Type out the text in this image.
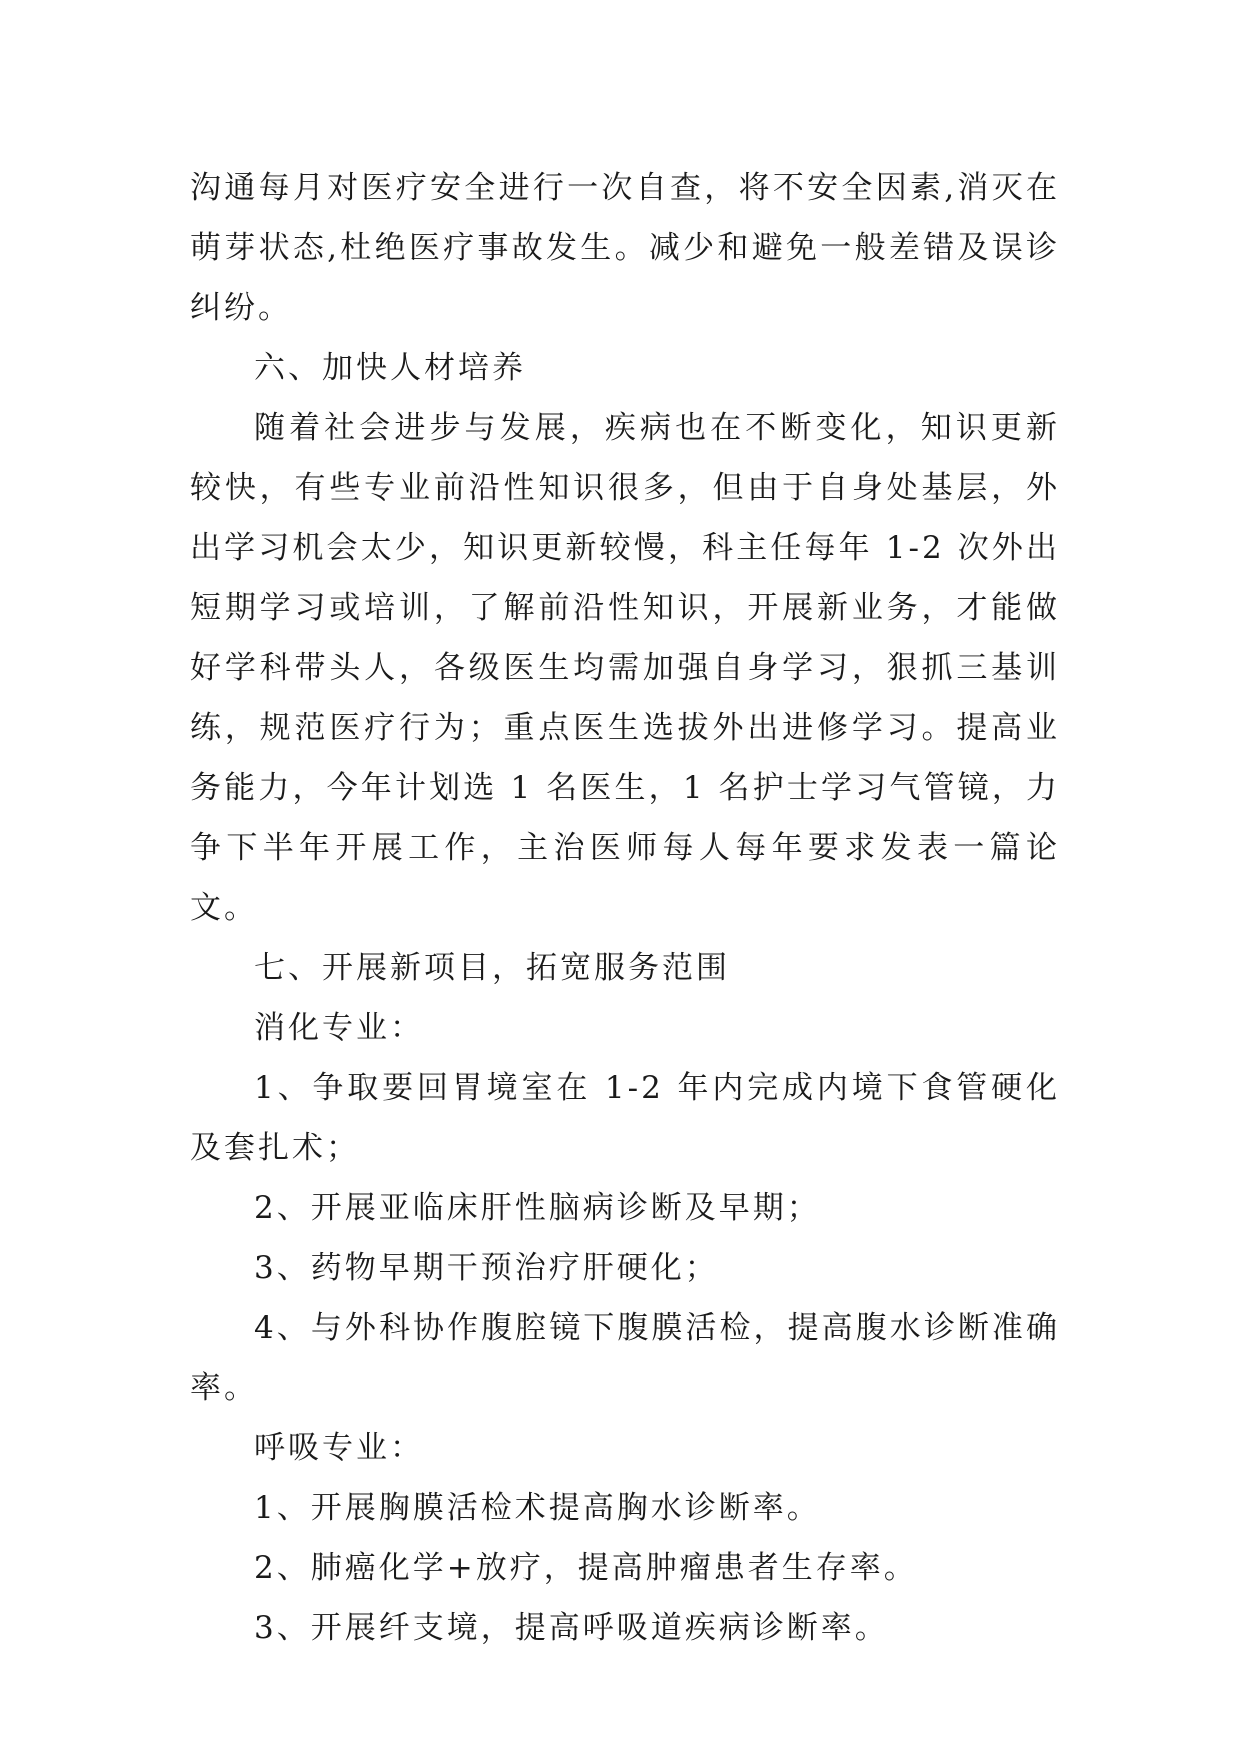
沟通每月对医疗安全进行一次自查，将不安全因素,消灭在萌芽状态,杜绝医疗事故发生。减少和避免一般差错及误诊纠纷。

六、加快人材培养

随着社会进步与发展，疾病也在不断变化，知识更新较快，有些专业前沿性知识很多，但由于自身处基层，外出学习机会太少，知识更新较慢，科主任每年 1-2 次外出短期学习或培训，了解前沿性知识，开展新业务，才能做好学科带头人，各级医生均需加强自身学习，狠抓三基训练，规范医疗行为；重点医生选拔外出进修学习。提高业务能力，今年计划选 1 名医生，1 名护士学习气管镜，力争下半年开展工作，主治医师每人每年要求发表一篇论文。

七、开展新项目，拓宽服务范围

消化专业：

1、争取要回胃境室在 1-2 年内完成内境下食管硬化及套扎术；

2、开展亚临床肝性脑病诊断及早期；

3、药物早期干预治疗肝硬化；

4、与外科协作腹腔镜下腹膜活检，提高腹水诊断准确率。

呼吸专业：

1、开展胸膜活检术提高胸水诊断率。

2、肺癌化学+放疗，提高肿瘤患者生存率。

3、开展纤支境，提高呼吸道疾病诊断率。
